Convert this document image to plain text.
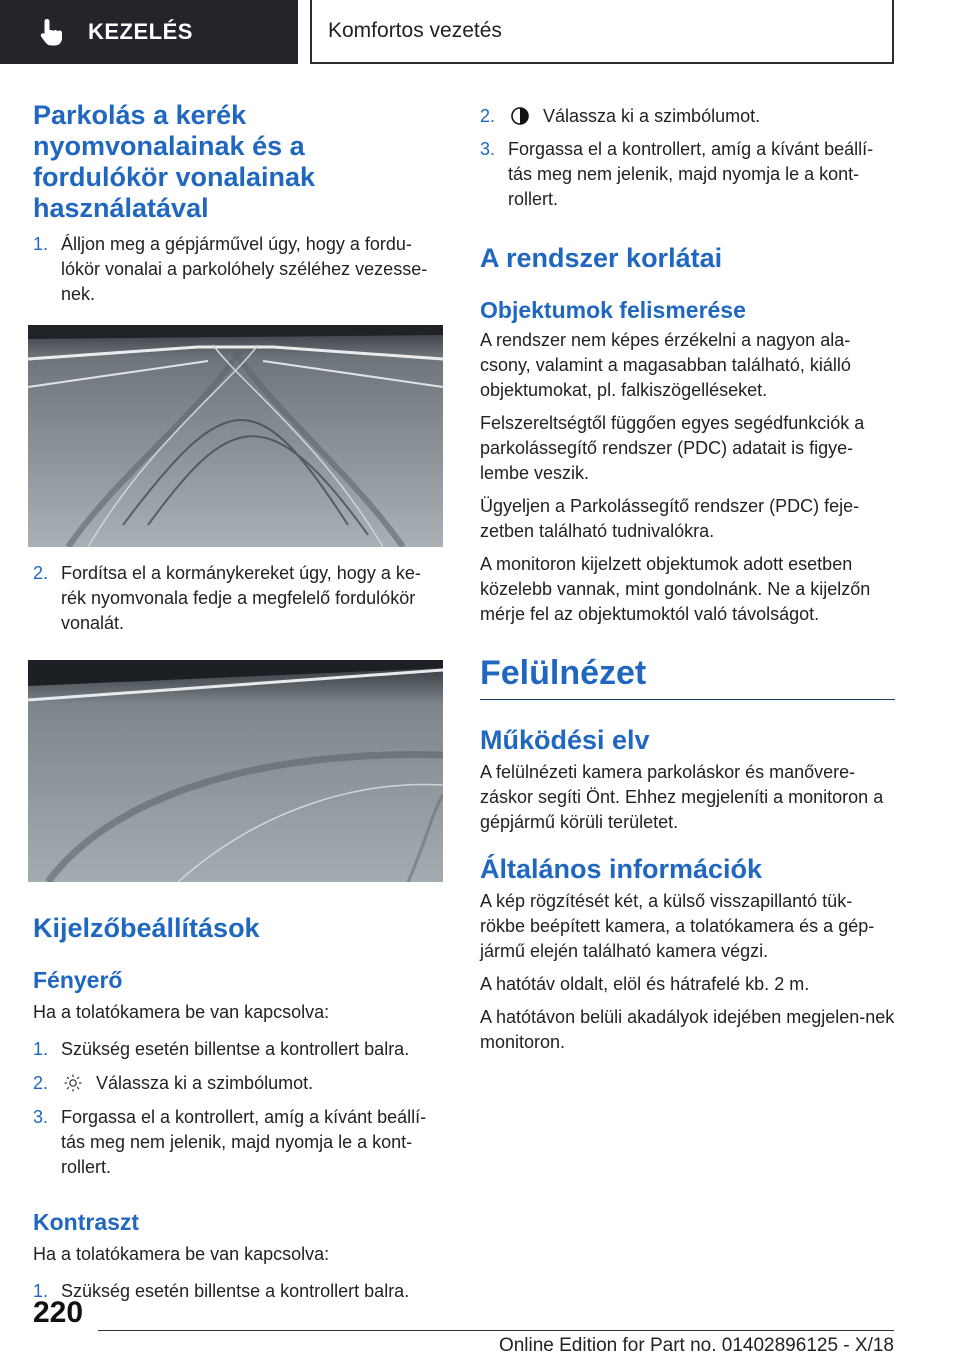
KEZELÉS	Komfortos vezetés
Parkolás a kerék nyomvonalainak és a fordulókör vonalainak használatával
1. Álljon meg a gépjárművel úgy, hogy a fordu-lókör vonalai a parkolóhely széléhez vezesse-nek.
2. Fordítsa el a kormánykereket úgy, hogy a ke-rék nyomvonala fedje a megfelelő fordulókör vonalát.
Kijelzőbeállítások
Fényerő

Ha a tolatókamera be van kapcsolva:

1. Szükség esetén billentse a kontrollert balra.
2.	Válassza ki a szimbólumot.
3. Forgassa el a kontrollert, amíg a kívánt beállí-tás meg nem jelenik, majd nyomja le a kont-rollert.
Kontraszt

Ha a tolatókamera be van kapcsolva:

1. Szükség esetén billentse a kontrollert balra.
2.	Válassza ki a szimbólumot.
3. Forgassa el a kontrollert, amíg a kívánt beállí-tás meg nem jelenik, majd nyomja le a kont-rollert.
A rendszer korlátai
Objektumok felismerése

A rendszer nem képes érzékelni a nagyon ala-csony, valamint a magasabban található, kiálló objektumokat, pl. falkiszögelléseket.

Felszereltségtől függően egyes segédfunkciók a parkolássegítő rendszer (PDC) adatait is figye-lembe veszik.

Ügyeljen a Parkolássegítő rendszer (PDC) feje-zetben található tudnivalókra.

A monitoron kijelzett objektumok adott esetben közelebb vannak, mint gondolnánk. Ne a kijelzőn mérje fel az objektumoktól való távolságot.

Felülnézet
Működési elv

A felülnézeti kamera parkoláskor és manővere-záskor segíti Önt. Ehhez megjeleníti a monitoron a gépjármű körüli területet.

Általános információk

A kép rögzítését két, a külső visszapillantó tük-rökbe beépített kamera, a tolatókamera és a gép-jármű elején található kamera végzi.

A hatótáv oldalt, elöl és hátrafelé kb. 2 m.

A hatótávon belüli akadályok idejében megjelen-nek monitoron.

220
Online Edition for Part no. 01402896125 - X/18
